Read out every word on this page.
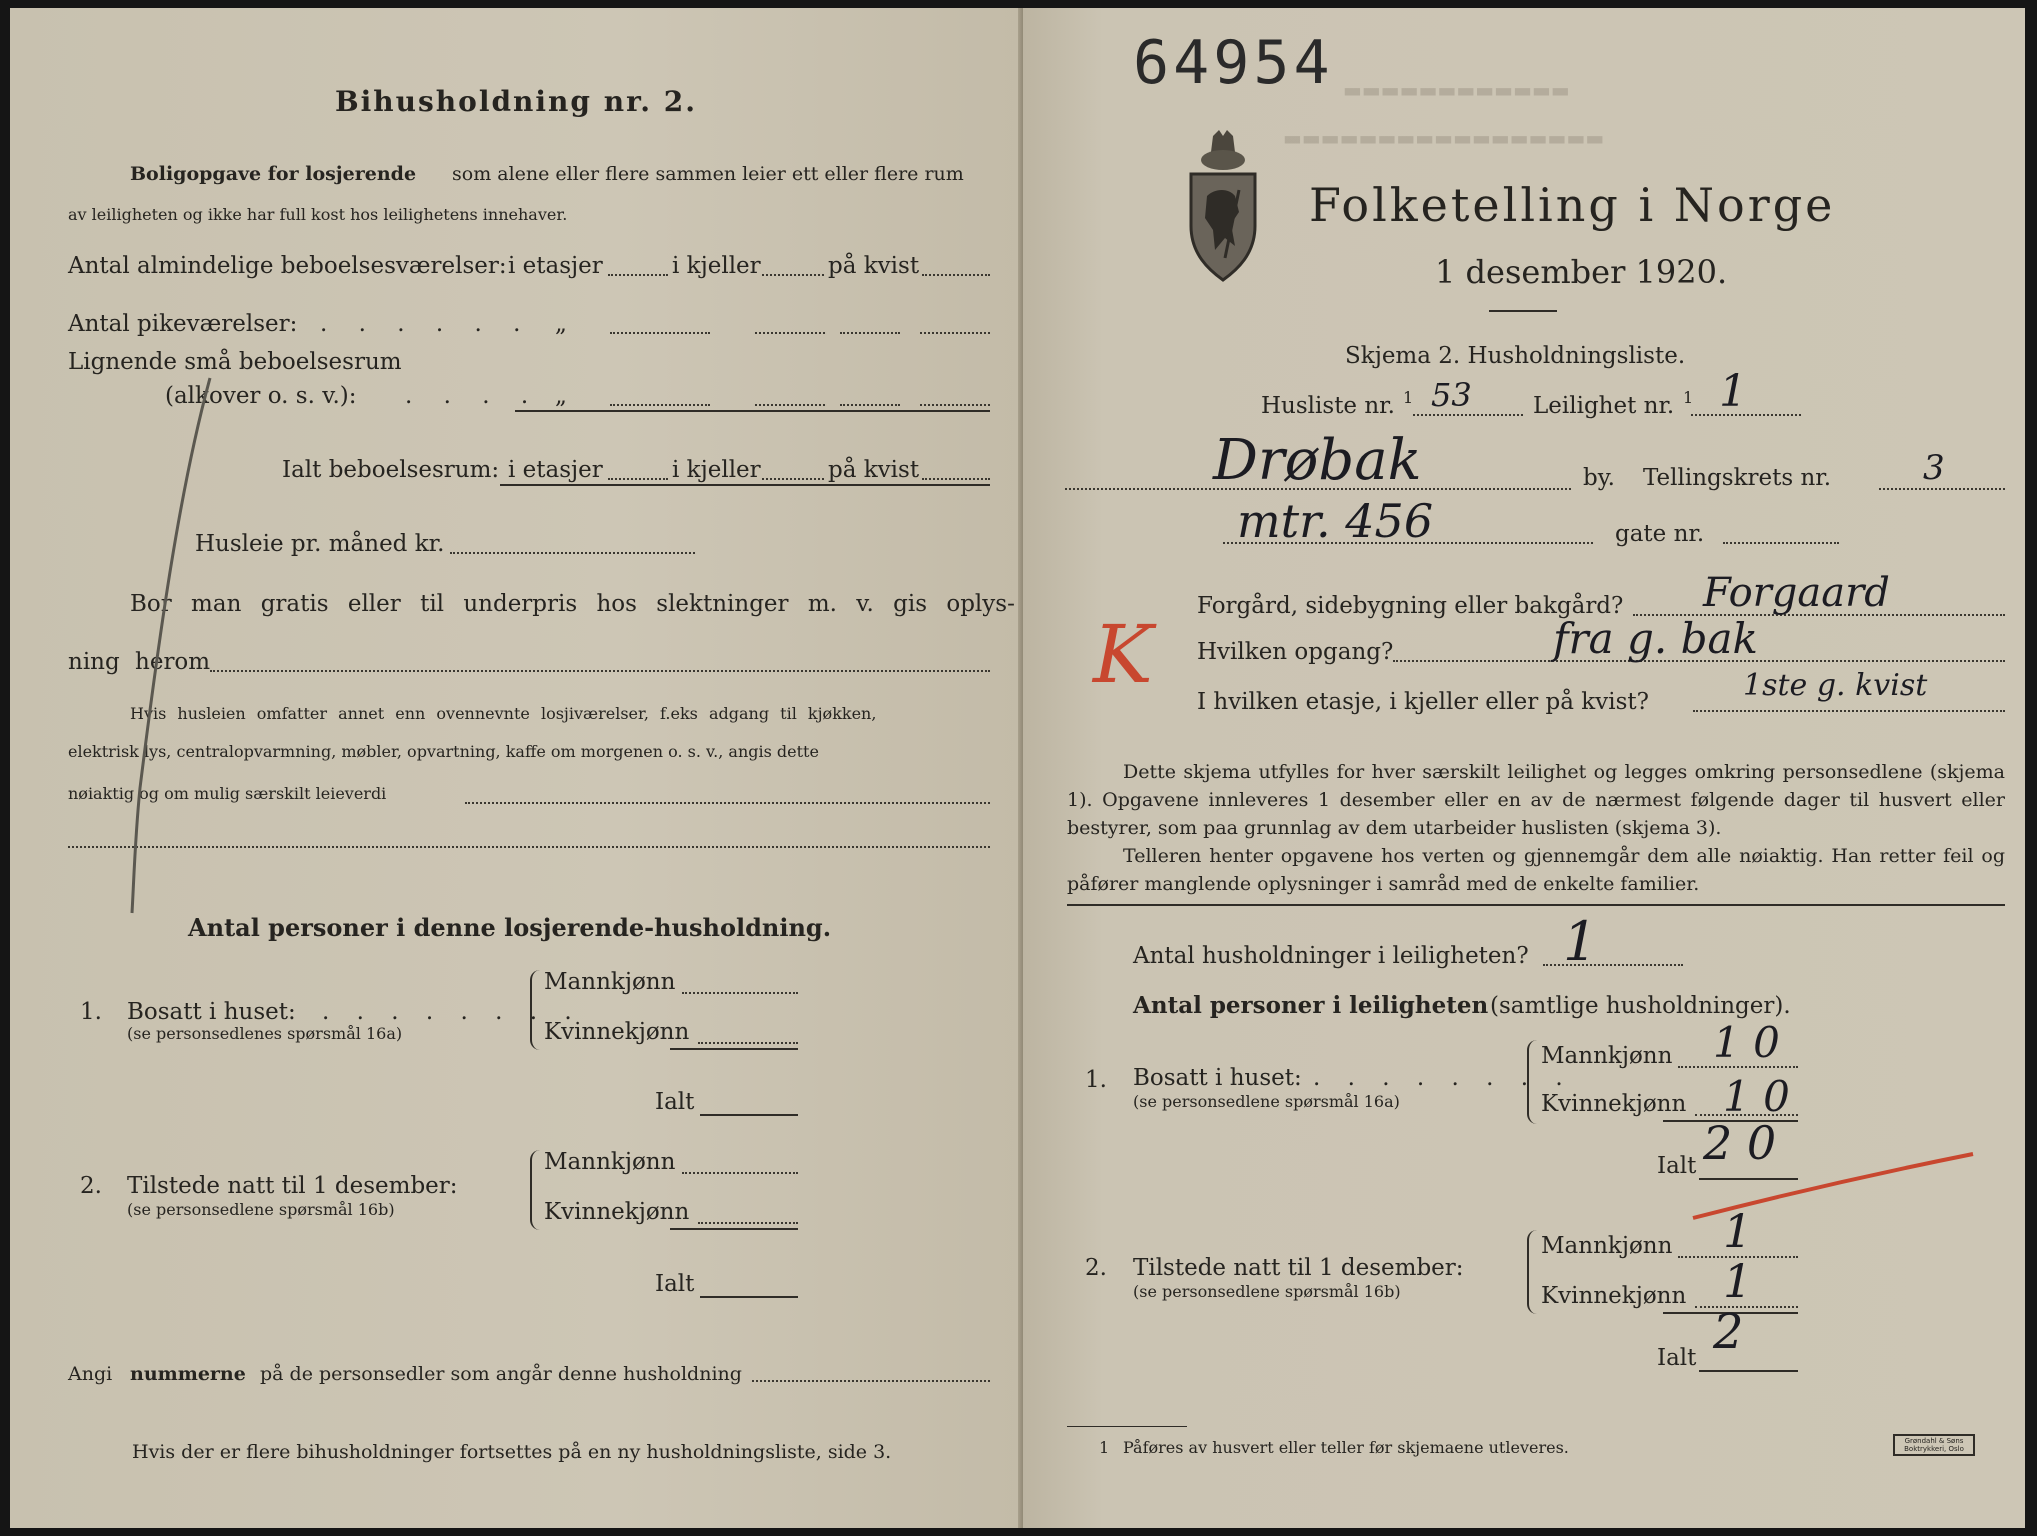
Bihusholdning nr. 2.
Boligopgave for losjerende som alene eller flere sammen leier ett eller flere rum
av leiligheten og ikke har full kost hos leilighetens innehaver.
Antal almindelige beboelsesværelser: i etasjer	i kjeller	på kvist
Antal pikeværelser: . . . . . . „
Lignende små beboelsesrum
(alkover o. s. v.): . . . . „
Ialt beboelsesrum: i etasjer	i kjeller	på kvist
Husleie pr. måned kr.
Bor man gratis eller til underpris hos slektninger m. v. gis oplys-
ning herom
Hvis husleien omfatter annet enn ovennevnte losjiværelser, f.eks adgang til kjøkken,
elektrisk lys, centralopvarmning, møbler, opvartning, kaffe om morgenen o. s. v., angis dette
nøiaktig og om mulig særskilt leieverdi
Antal personer i denne losjerende-husholdning.
1. Bosatt i huset: . . . . . . . .
(se personsedlenes spørsmål 16a)
Mannkjønn
Kvinnekjønn
Ialt
2. Tilstede natt til 1 desember:
(se personsedlene spørsmål 16b)
Mannkjønn
Kvinnekjønn
Ialt
Angi nummerne på de personsedler som angår denne husholdning
Hvis der er flere bihusholdninger fortsettes på en ny husholdningsliste, side 3.
▬▬▬▬▬▬▬▬▬▬▬▬
▬▬▬▬▬▬▬▬▬▬▬▬▬▬▬▬▬
64954
Folketelling i Norge
1 desember 1920.
Skjema 2. Husholdningsliste.
Husliste nr. 1 53	Leilighet nr. 1 1
Drøbak	by. Tellingskrets nr.	3
mtr. 456	gate nr.
Forgård, sidebygning eller bakgård? Forgaard
Hvilken opgang?	fra g. bak
I hvilken etasje, i kjeller eller på kvist?	1ste g. kvist
K
Dette skjema utfylles for hver særskilt leilighet og legges omkring personsedlene (skjema 1). Opgavene innleveres 1 desember eller en av de nærmest følgende dager til husvert eller bestyrer, som paa grunnlag av dem utarbeider huslisten (skjema 3).
Telleren henter opgavene hos verten og gjennemgår dem alle nøiaktig. Han retter feil og påfører manglende oplysninger i samråd med de enkelte familier.
Antal husholdninger i leiligheten? 1
Antal personer i leiligheten (samtlige husholdninger).
1. Bosatt i huset: . . . . . . . .
(se personsedlene spørsmål 16a)
Mannkjønn 1 0
Kvinnekjønn 1 0
Ialt 2 0
2. Tilstede natt til 1 desember:
(se personsedlene spørsmål 16b)
Mannkjønn 1
Kvinnekjønn 1
Ialt 2
1 Påføres av husvert eller teller før skjemaene utleveres.	Grøndahl & Søns
Boktrykkeri, Oslo
